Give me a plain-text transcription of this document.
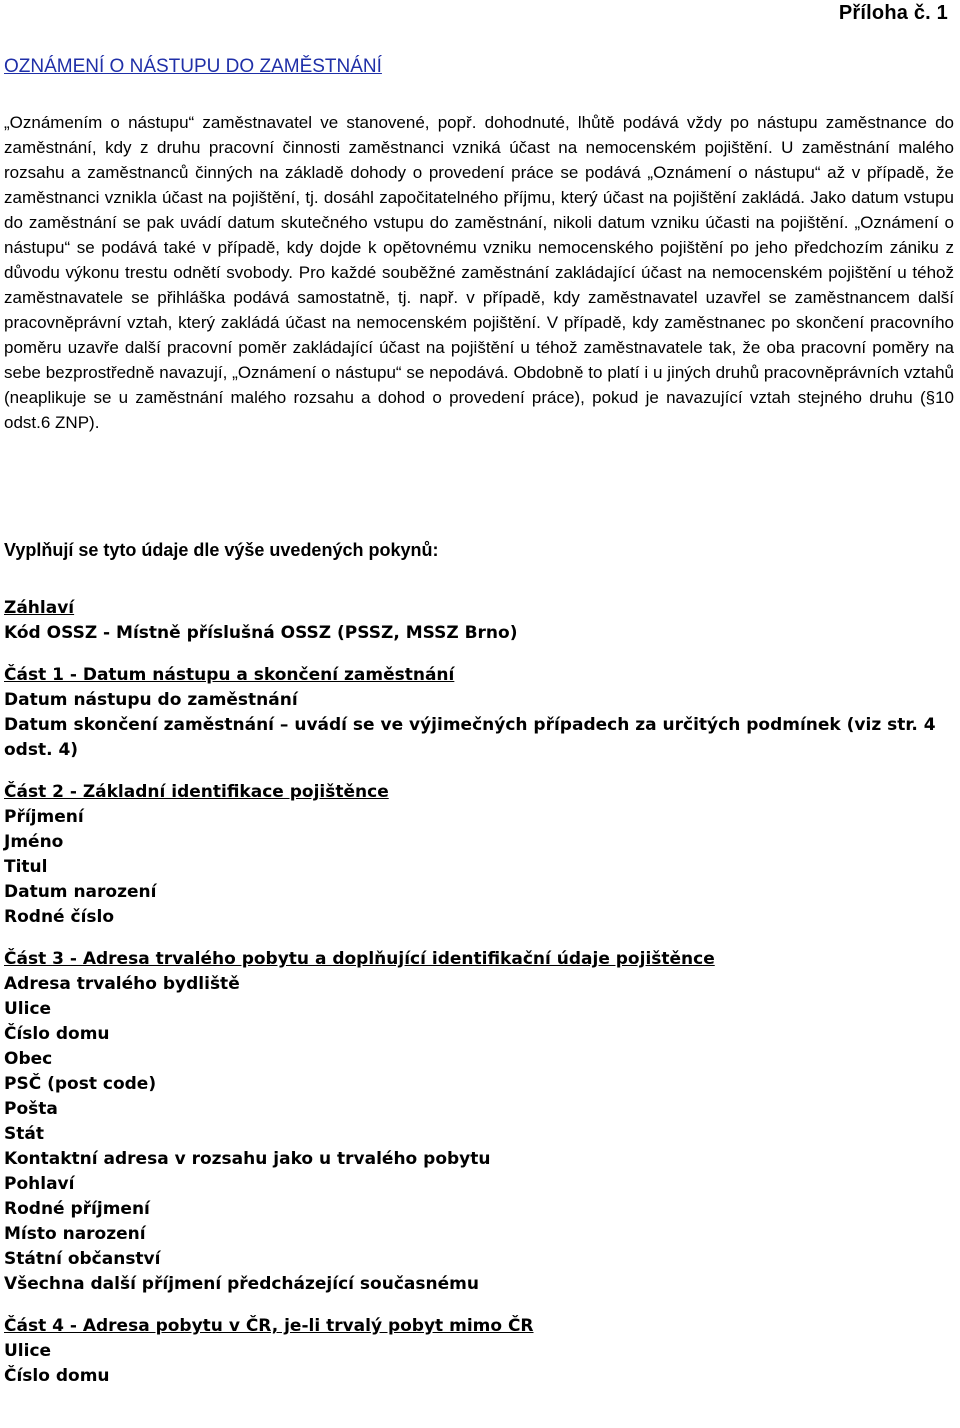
Příloha č. 1
OZNÁMENÍ O NÁSTUPU DO ZAMĚSTNÁNÍ

„Oznámením o nástupu“ zaměstnavatel ve stanovené, popř. dohodnuté, lhůtě podává vždy po nástupu zaměstnance do zaměstnání, kdy z druhu pracovní činnosti zaměstnanci vzniká účast na nemocenském pojištění. U zaměstnání malého rozsahu a zaměstnanců činných na základě dohody o provedení práce se podává „Oznámení o nástupu“ až v případě, že zaměstnanci vznikla účast na pojištění, tj. dosáhl započitatelného příjmu, který účast na pojištění zakládá. Jako datum vstupu do zaměstnání se pak uvádí datum skutečného vstupu do zaměstnání, nikoli datum vzniku účasti na pojištění. „Oznámení o nástupu“ se podává také v případě, kdy dojde k opětovnému vzniku nemocenského pojištění po jeho předchozím zániku z důvodu výkonu trestu odnětí svobody. Pro každé souběžné zaměstnání zakládající účast na nemocenském pojištění u téhož zaměstnavatele se přihláška podává samostatně, tj. např. v případě, kdy zaměstnavatel uzavřel se zaměstnancem další pracovněprávní vztah, který zakládá účast na nemocenském pojištění. V případě, kdy zaměstnanec po skončení pracovního poměru uzavře další pracovní poměr zakládající účast na pojištění u téhož zaměstnavatele tak, že oba pracovní poměry na sebe bezprostředně navazují, „Oznámení o nástupu“ se nepodává. Obdobně to platí i u jiných druhů pracovněprávních vztahů (neaplikuje se u zaměstnání malého rozsahu a dohod o provedení práce), pokud je navazující vztah stejného druhu (§10 odst.6 ZNP).

Vyplňují se tyto údaje dle výše uvedených pokynů:

Záhlaví

Kód OSSZ - Místně příslušná OSSZ (PSSZ, MSSZ Brno)

Část 1 - Datum nástupu a skončení zaměstnání

Datum nástupu do zaměstnání

Datum skončení zaměstnání – uvádí se ve výjimečných případech za určitých podmínek (viz str. 4 odst. 4)

Část 2 - Základní identifikace pojištěnce

Příjmení

Jméno

Titul

Datum narození

Rodné číslo

Část 3 - Adresa trvalého pobytu a doplňující identifikační údaje pojištěnce

Adresa trvalého bydliště

Ulice

Číslo domu

Obec

PSČ (post code)

Pošta

Stát

Kontaktní adresa v rozsahu jako u trvalého pobytu

Pohlaví

Rodné příjmení

Místo narození

Státní občanství

Všechna další příjmení předcházející současnému

Část 4 - Adresa pobytu v ČR, je-li trvalý pobyt mimo ČR

Ulice

Číslo domu
